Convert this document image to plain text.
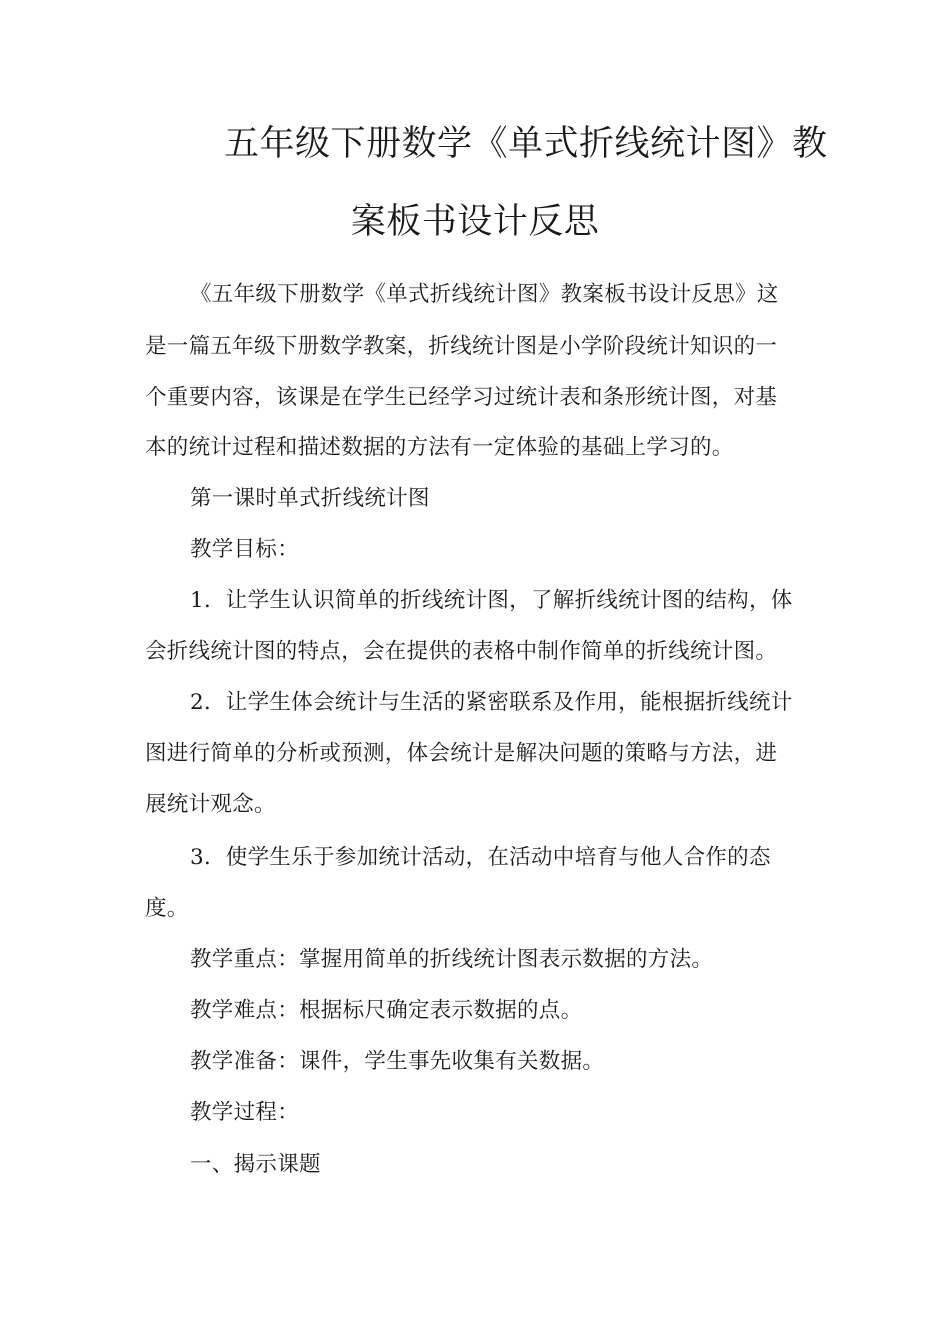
五年级下册数学《单式折线统计图》教
案板书设计反思
《五年级下册数学《单式折线统计图》教案板书设计反思》这
是一篇五年级下册数学教案，折线统计图是小学阶段统计知识的一
个重要内容，该课是在学生已经学习过统计表和条形统计图，对基
本的统计过程和描述数据的方法有一定体验的基础上学习的。
第一课时单式折线统计图
教学目标：
1．让学生认识简单的折线统计图，了解折线统计图的结构，体
会折线统计图的特点，会在提供的表格中制作简单的折线统计图。
2．让学生体会统计与生活的紧密联系及作用，能根据折线统计
图进行简单的分析或预测，体会统计是解决问题的策略与方法，进
展统计观念。
3．使学生乐于参加统计活动，在活动中培育与他人合作的态
度。
教学重点：掌握用简单的折线统计图表示数据的方法。
教学难点：根据标尺确定表示数据的点。
教学准备：课件，学生事先收集有关数据。
教学过程：
一、揭示课题
